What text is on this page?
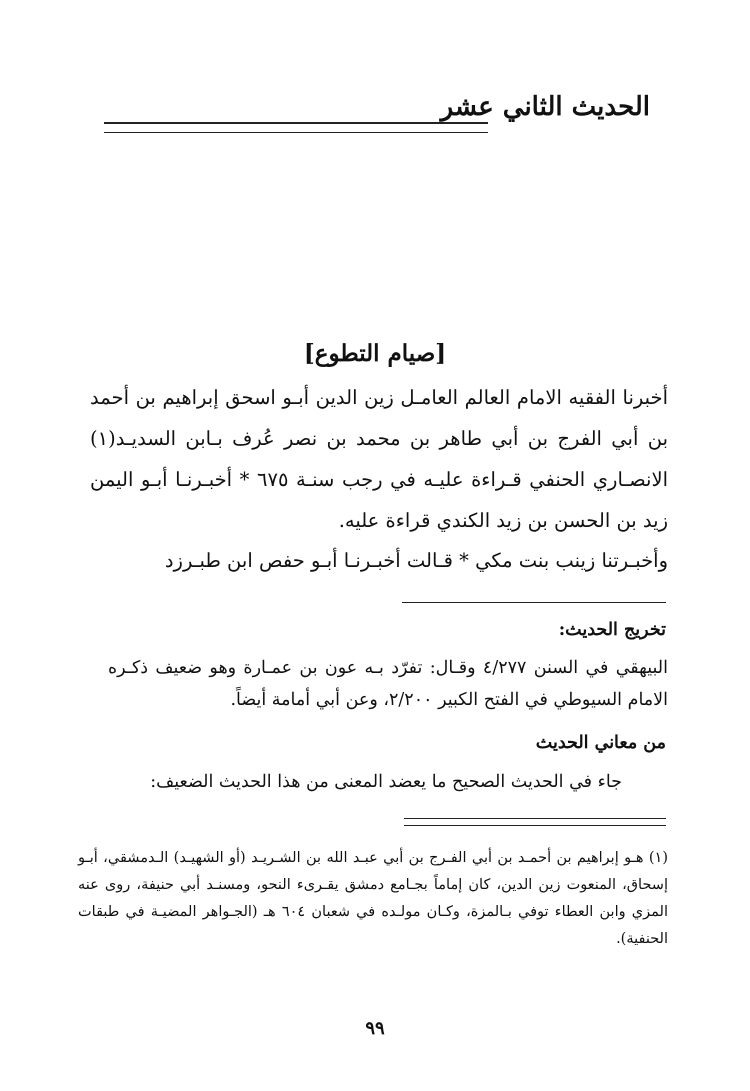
الحديث الثاني عشر
[صيام التطوع]

أخبرنا الفقيه الامام العالم العامـل زين الدين أبـو اسحق إبراهيم بن أحمد بن أبي الفرج بن أبي طاهر بن محمد بن نصر عُرف بـابن السديـد(١) الانصـاري الحنفي قـراءة عليـه في رجب سنـة ٦٧٥ * أخبـرنـا أبـو اليمن زيد بن الحسن بن زيد الكندي قراءة عليه.

وأخبـرتنا زينب بنت مكي * قـالت أخبـرنـا أبـو حفص ابن طبـرزد

تخريج الحديث:

البيهقي في السنن ٤/٢٧٧ وقـال: تفرّد بـه عون بن عمـارة وهو ضعيف ذكـره الامام السيوطي في الفتح الكبير ٢/٢٠٠، وعن أبي أمامة أيضاً.

من معاني الحديث
جاء في الحديث الصحيح ما يعضد المعنى من هذا الحديث الضعيف:

(١) هـو إبراهيم بن أحمـد بن أبي الفـرج بن أبي عبـد الله بن الشـريـد (أو الشهيـد) الـدمشقي، أبـو إسحاق، المنعوت زين الدين، كان إماماً بجـامع دمشق يقـرىء النحو، ومسنـد أبي حنيفة، روى عنه المزي وابن العطاء توفي بـالمزة، وكـان مولـده في شعبان ٦٠٤ هـ (الجـواهر المضيـة في طبقات الحنفية).

٩٩
